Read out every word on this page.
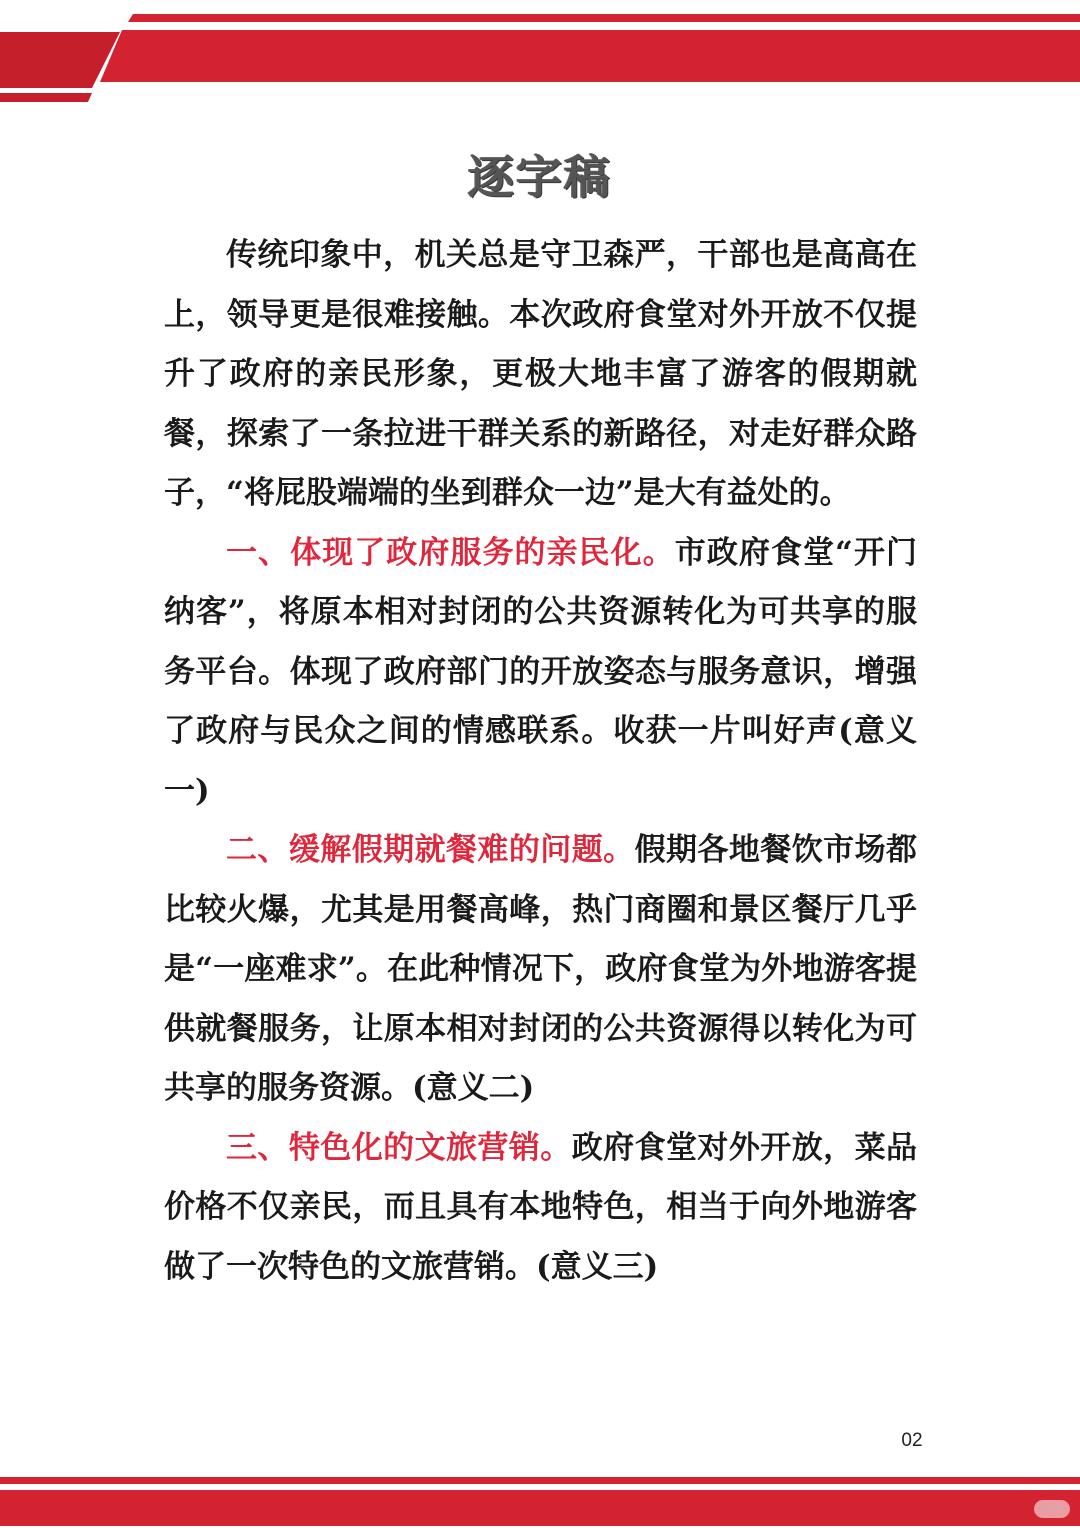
逐字稿

传统印象中，机关总是守卫森严，干部也是高高在上，领导更是很难接触。本次政府食堂对外开放不仅提升了政府的亲民形象，更极大地丰富了游客的假期就餐，探索了一条拉进干群关系的新路径，对走好群众路子，“将屁股端端的坐到群众一边”是大有益处的。

一、体现了政府服务的亲民化。市政府食堂“开门纳客”，将原本相对封闭的公共资源转化为可共享的服务平台。体现了政府部门的开放姿态与服务意识，增强了政府与民众之间的情感联系。收获一片叫好声(意义一)

二、缓解假期就餐难的问题。假期各地餐饮市场都比较火爆，尤其是用餐高峰，热门商圈和景区餐厅几乎是“一座难求”。在此种情况下，政府食堂为外地游客提供就餐服务，让原本相对封闭的公共资源得以转化为可共享的服务资源。(意义二)

三、特色化的文旅营销。政府食堂对外开放，菜品价格不仅亲民，而且具有本地特色，相当于向外地游客做了一次特色的文旅营销。(意义三)

02
小红书
